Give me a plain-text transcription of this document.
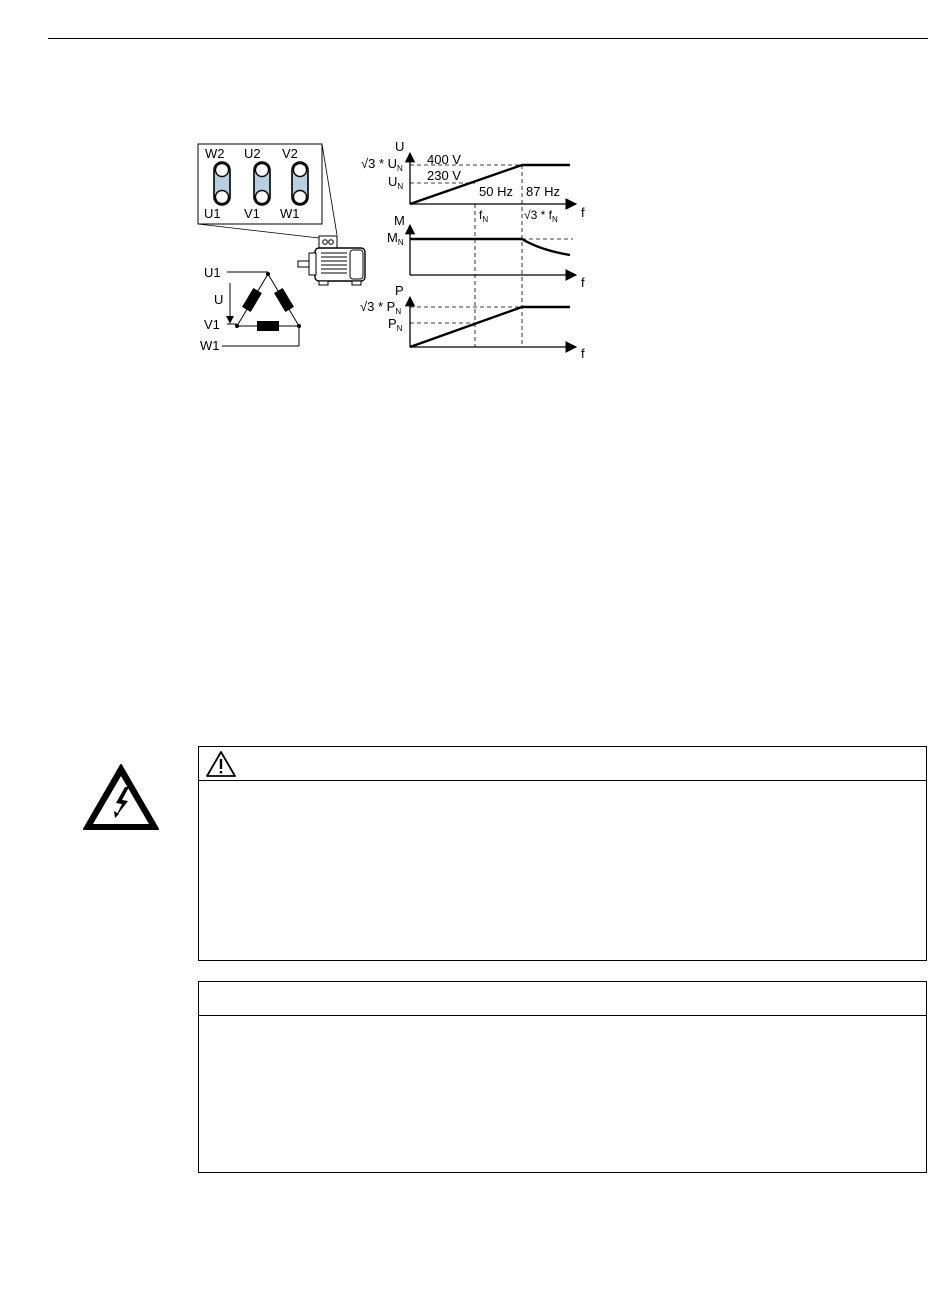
W2 U2 V2
U1 V1 W1
U1
V1
W1
U
U
f
$√3 * U_N$
$U_N$
400 V
230 V
50 Hz 87 Hz
$f_N$	$√3 * f_N$
M
f
$M_N$
P
f
$√3 * P_N$
$P_N$
